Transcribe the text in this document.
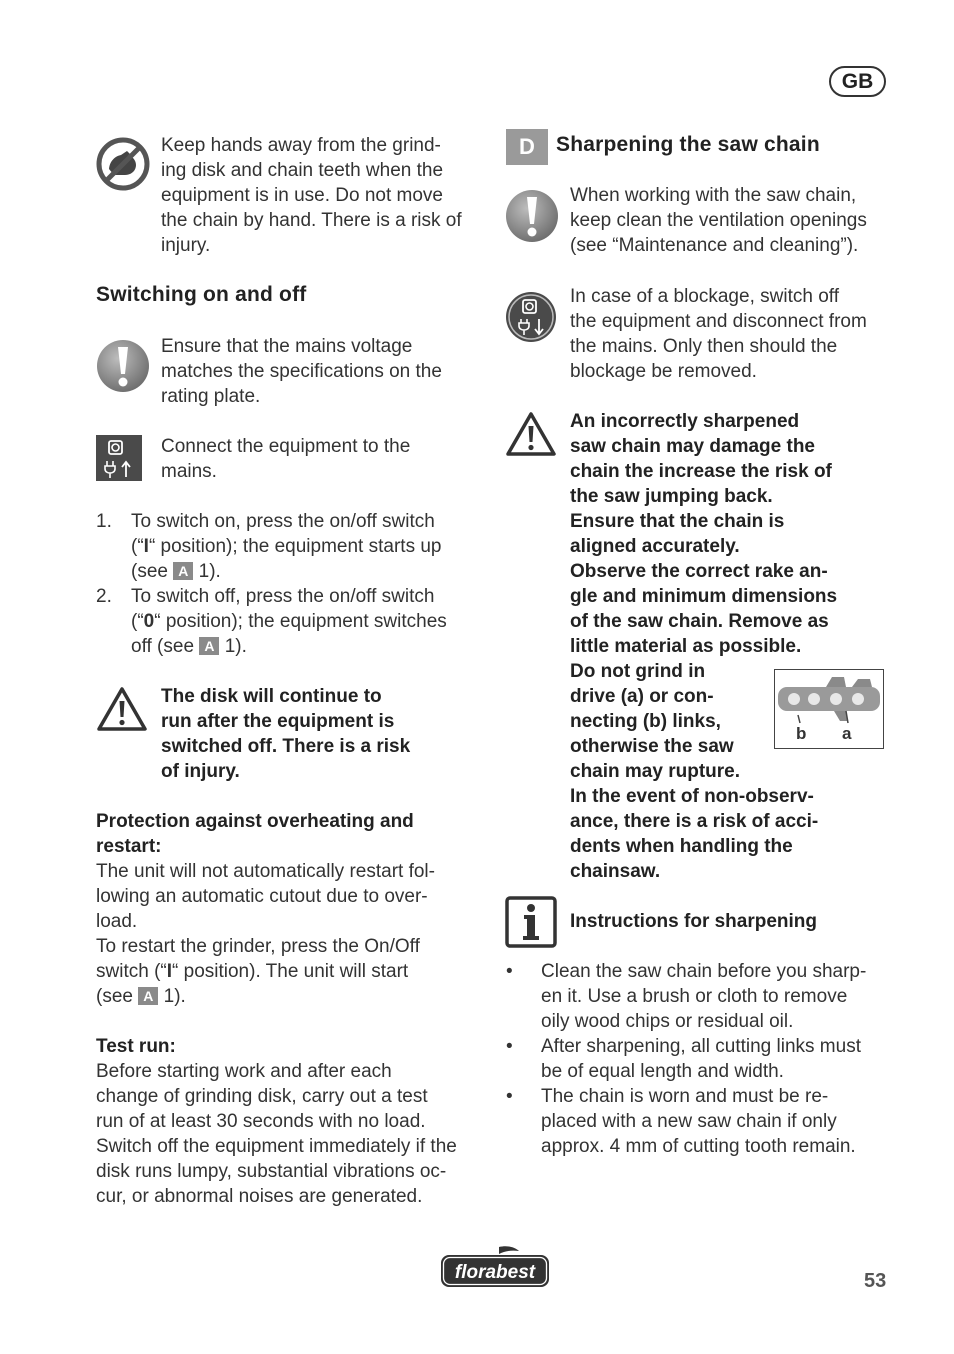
GB
Keep hands away from the grind-
ing disk and chain teeth when the
equipment is in use. Do not move
the chain by hand. There is a risk of
injury.
Switching on and off
Ensure that the mains voltage
matches the specifications on the
rating plate.
Connect the equipment to the
mains.
1.	To switch on, press the on/off switch
(“I“ position); the equipment starts up
(see A 1).
2.	To switch off, press the on/off switch
(“0“ position); the equipment switches
off (see A 1).
The disk will continue to
run after the equipment is
switched off. There is a risk
of injury.
Protection against overheating and
restart:
The unit will not automatically restart fol-
lowing an automatic cutout due to over-
load.
To restart the grinder, press the On/Off
switch (“I“ position). The unit will start
(see A 1).
Test run:
Before starting work and after each
change of grinding disk, carry out a test
run of at least 30 seconds with no load.
Switch off the equipment immediately if the
disk runs lumpy, substantial vibrations oc-
cur, or abnormal noises are generated.
D	Sharpening the saw chain
When working with the saw chain,
keep clean the ventilation openings
(see “Maintenance and cleaning”).
In case of a blockage, switch off
the equipment and disconnect from
the mains. Only then should the
blockage be removed.
An incorrectly sharpened
saw chain may damage the
chain the increase the risk of
the saw jumping back.
Ensure that the chain is
aligned accurately.
Observe the correct rake an-
gle and minimum dimensions
of the saw chain. Remove as
little material as possible.
Do not grind in
drive (a) or con-
necting (b) links,
otherwise the saw
chain may rupture.
In the event of non-observ-
ance, there is a risk of acci-
dents when handling the
chainsaw.
b a
Instructions for sharpening
•	Clean the saw chain before you sharp-
en it. Use a brush or cloth to remove
oily wood chips or residual oil.
•	After sharpening, all cutting links must
be of equal length and width.
•	The chain is worn and must be re-
placed with a new saw chain if only
approx. 4 mm of cutting tooth remain.
florabest	53
